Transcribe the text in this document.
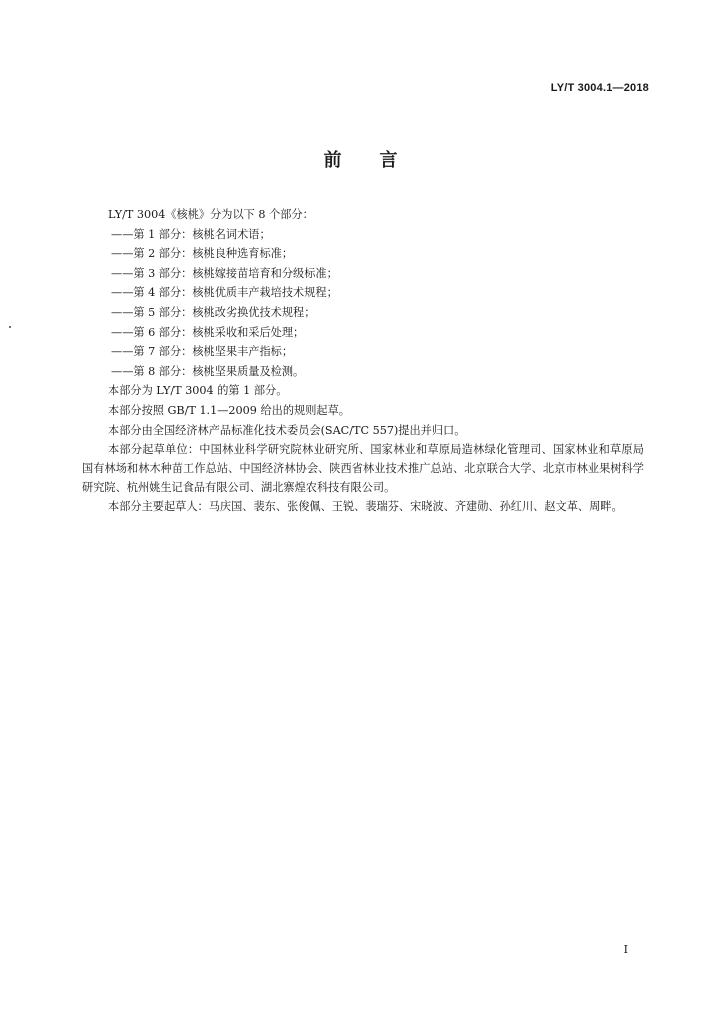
LY/T 3004.1—2018
前言
LY/T 3004《核桃》分为以下 8 个部分：
——第 1 部分：核桃名词术语；
——第 2 部分：核桃良种选育标准；
——第 3 部分：核桃嫁接苗培育和分级标准；
——第 4 部分：核桃优质丰产栽培技术规程；
——第 5 部分：核桃改劣换优技术规程；
——第 6 部分：核桃采收和采后处理；
——第 7 部分：核桃坚果丰产指标；
——第 8 部分：核桃坚果质量及检测。
本部分为 LY/T 3004 的第 1 部分。
本部分按照 GB/T 1.1—2009 给出的规则起草。
本部分由全国经济林产品标准化技术委员会(SAC/TC 557)提出并归口。
本部分起草单位：中国林业科学研究院林业研究所、国家林业和草原局造林绿化管理司、国家林业和草原局国有林场和林木种苗工作总站、中国经济林协会、陕西省林业技术推广总站、北京联合大学、北京市林业果树科学研究院、杭州姚生记食品有限公司、湖北寨煌农科技有限公司。
本部分主要起草人：马庆国、裴东、张俊佩、王锐、裴瑞芬、宋晓波、齐建勋、孙红川、赵文革、周畔。
I
